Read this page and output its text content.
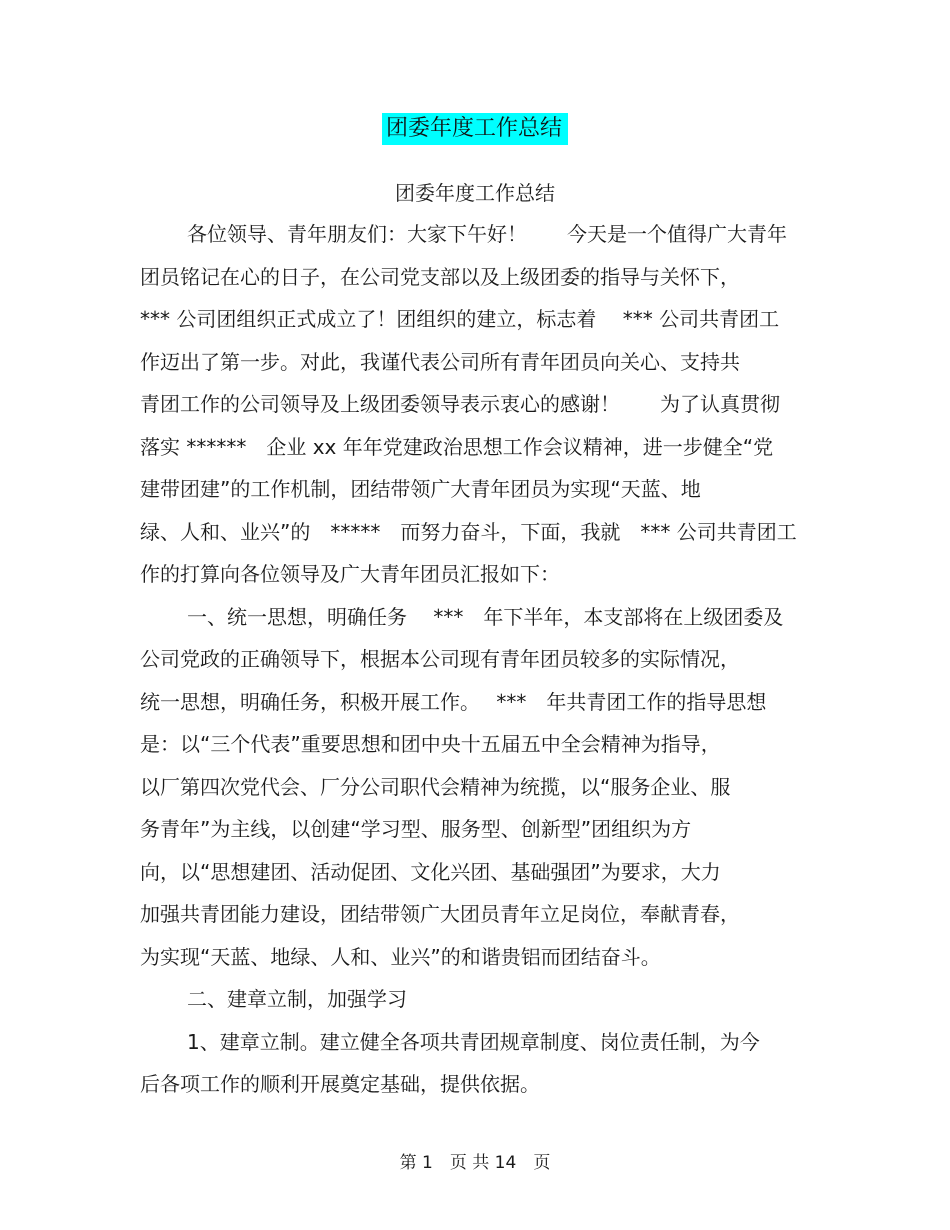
团委年度工作总结
团委年度工作总结
各位领导、青年朋友们：大家下午好！　　今天是一个值得广大青年
团员铭记在心的日子，在公司党支部以及上级团委的指导与关怀下，
*** 公司团组织正式成立了！团组织的建立，标志着　 *** 公司共青团工
作迈出了第一步。对此，我谨代表公司所有青年团员向关心、支持共
青团工作的公司领导及上级团委领导表示衷心的感谢！　　为了认真贯彻
落实 ******　企业 xx 年年党建政治思想工作会议精神，进一步健全“党
建带团建”的工作机制，团结带领广大青年团员为实现“天蓝、地
绿、人和、业兴”的　*****　而努力奋斗，下面，我就　*** 公司共青团工
作的打算向各位领导及广大青年团员汇报如下：
一、统一思想，明确任务　 ***　年下半年，本支部将在上级团委及
公司党政的正确领导下，根据本公司现有青年团员较多的实际情况，
统一思想，明确任务，积极开展工作。　 ***　年共青团工作的指导思想
是：以“三个代表”重要思想和团中央十五届五中全会精神为指导，
以厂第四次党代会、厂分公司职代会精神为统揽，以“服务企业、服
务青年”为主线，以创建“学习型、服务型、创新型”团组织为方
向，以“思想建团、活动促团、文化兴团、基础强团”为要求，大力
加强共青团能力建设，团结带领广大团员青年立足岗位，奉献青春，
为实现“天蓝、地绿、人和、业兴”的和谐贵铝而团结奋斗。
二、建章立制，加强学习
1、建章立制。建立健全各项共青团规章制度、岗位责任制，为今
后各项工作的顺利开展奠定基础，提供依据。
第 1　页 共 14　页
